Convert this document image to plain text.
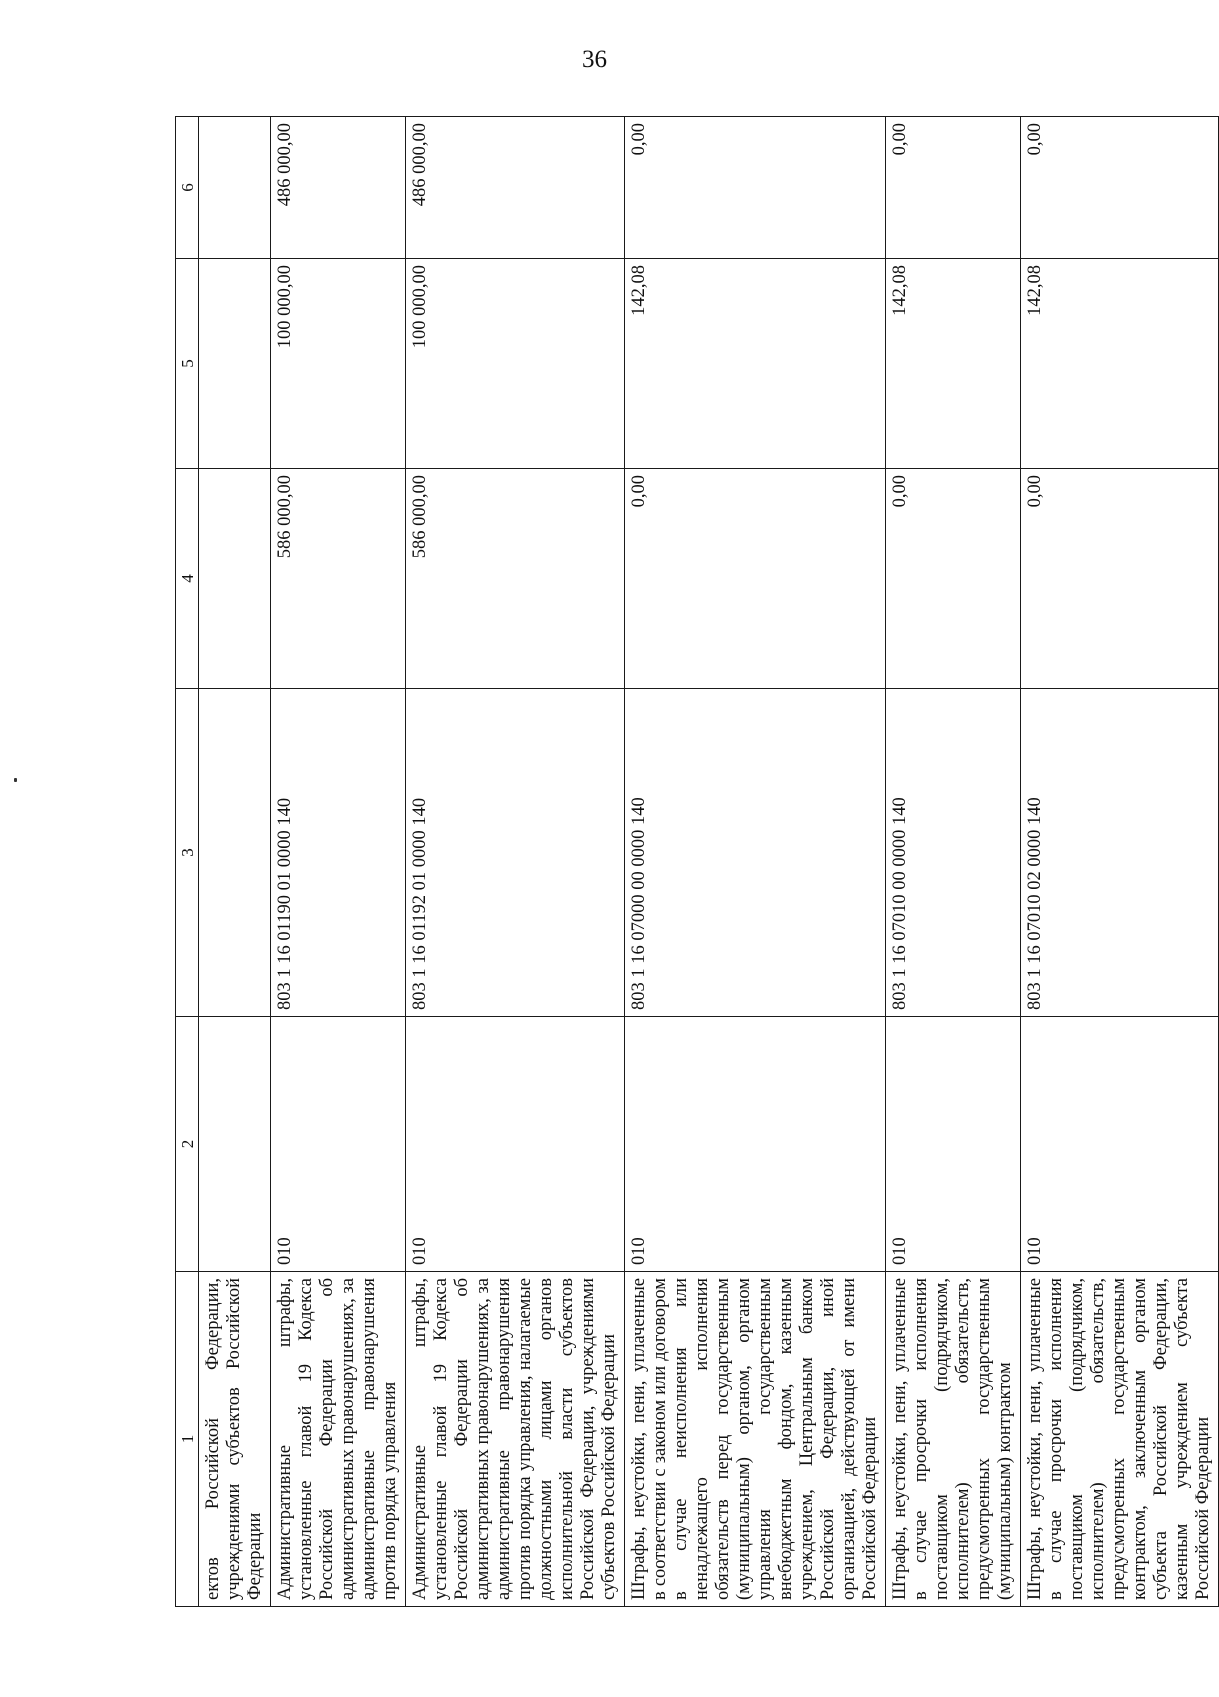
36
1	2	3	4	5	6
ектов Российской Федерации, учреждениями субъектов Российской Федерации					
Административные штрафы, установленные главой 19 Кодекса Российской Федерации об административных правонарушениях, за административные правонарушения против порядка управления	010	803 1 16 01190 01 0000 140	586 000,00	100 000,00	486 000,00
Административные штрафы, установленные главой 19 Кодекса Российской Федерации об административных правонарушениях, за административные правонарушения против порядка управления, налагаемые должностными лицами органов исполнительной власти субъектов Российской Федерации, учреждениями субъектов Российской Федерации	010	803 1 16 01192 01 0000 140	586 000,00	100 000,00	486 000,00
Штрафы, неустойки, пени, уплаченные в соответствии с законом или договором в случае неисполнения или ненадлежащего исполнения обязательств перед государственным (муниципальным) органом, органом управления государственным внебюджетным фондом, казенным учреждением, Центральным банком Российской Федерации, иной организацией, действующей от имени Российской Федерации	010	803 1 16 07000 00 0000 140	0,00	142,08	0,00
Штрафы, неустойки, пени, уплаченные в случае просрочки исполнения поставщиком (подрядчиком, исполнителем) обязательств, предусмотренных государственным (муниципальным) контрактом	010	803 1 16 07010 00 0000 140	0,00	142,08	0,00
Штрафы, неустойки, пени, уплаченные в случае просрочки исполнения поставщиком (подрядчиком, исполнителем) обязательств, предусмотренных государственным контрактом, заключенным органом субъекта Российской Федерации, казенным учреждением субъекта Российской Федерации	010	803 1 16 07010 02 0000 140	0,00	142,08	0,00
